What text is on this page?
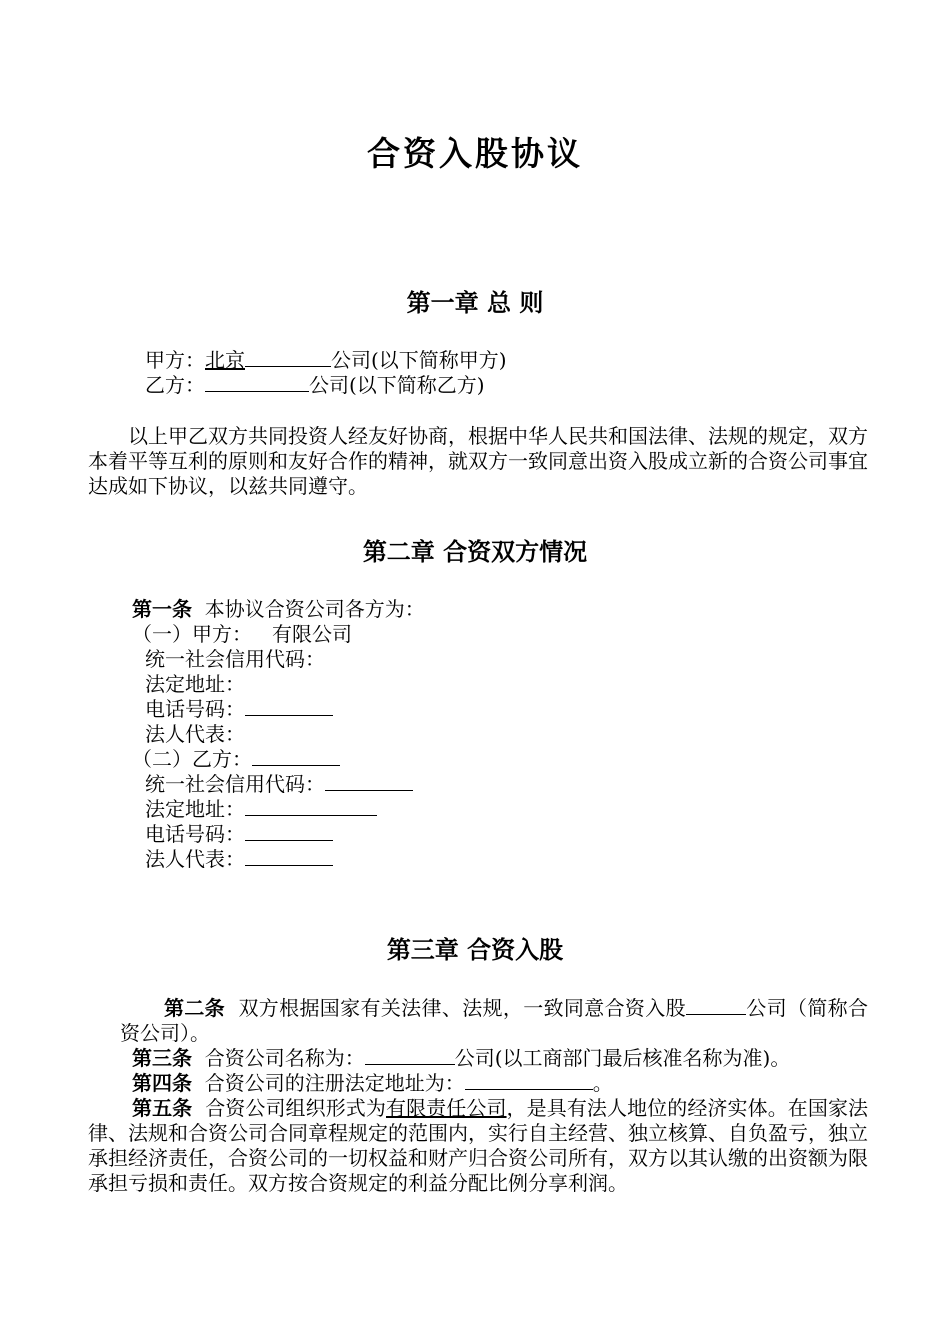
合资入股协议
第一章 总 则
甲方：北京	公司(以下简称甲方)
乙方：	公司(以下简称乙方)
以上甲乙双方共同投资人经友好协商，根据中华人民共和国法律、法规的规定，双方本着平等互利的原则和友好合作的精神，就双方一致同意出资入股成立新的合资公司事宜达成如下协议，以兹共同遵守。
第二章 合资双方情况
第一条 本协议合资公司各方为：
（一）甲方： 有限公司
统一社会信用代码：
法定地址：
电话号码：
法人代表：
（二）乙方：
统一社会信用代码：
法定地址：
电话号码：
法人代表：
第三章 合资入股
第二条 双方根据国家有关法律、法规，一致同意合资入股	公司（简称合资公司）。
第三条 合资公司名称为：	公司(以工商部门最后核准名称为准)。
第四条 合资公司的注册法定地址为：	。
第五条 合资公司组织形式为有限责任公司，是具有法人地位的经济实体。在国家法律、法规和合资公司合同章程规定的范围内，实行自主经营、独立核算、自负盈亏，独立承担经济责任，合资公司的一切权益和财产归合资公司所有，双方以其认缴的出资额为限承担亏损和责任。双方按合资规定的利益分配比例分享利润。
